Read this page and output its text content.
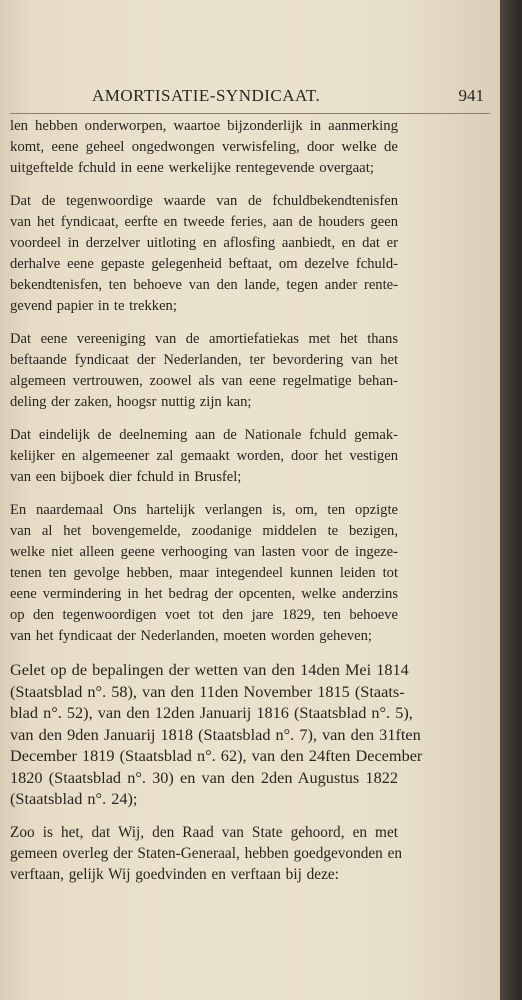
AMORTISATIE-SYNDICAAT.	941
len hebben onderworpen, waartoe bijzonderlijk in aanmerking
komt, eene geheel ongedwongen verwisfeling, door welke de
uitgeftelde fchuld in eene werkelijke rentegevende overgaat;
Dat de tegenwoordige waarde van de fchuldbekendtenisfen
van het fyndicaat, eerfte en tweede feries, aan de houders geen
voordeel in derzelver uitloting en aflosfing aanbiedt, en dat er
derhalve eene gepaste gelegenheid beftaat, om dezelve fchuld-
bekendtenisfen, ten behoeve van den lande, tegen ander rente-
gevend papier in te trekken;
Dat eene vereeniging van de amortiefatiekas met het thans
beftaande fyndicaat der Nederlanden, ter bevordering van het
algemeen vertrouwen, zoowel als van eene regelmatige behan-
deling der zaken, hoogsr nuttig zijn kan;
Dat eindelijk de deelneming aan de Nationale fchuld gemak-
kelijker en algemeener zal gemaakt worden, door het vestigen
van een bijboek dier fchuld in Brusfel;
En naardemaal Ons hartelijk verlangen is, om, ten opzigte
van al het bovengemelde, zoodanige middelen te bezigen,
welke niet alleen geene verhooging van lasten voor de ingeze-
tenen ten gevolge hebben, maar integendeel kunnen leiden tot
eene vermindering in het bedrag der opcenten, welke anderzins
op den tegenwoordigen voet tot den jare 1829, ten behoeve
van het fyndicaat der Nederlanden, moeten worden geheven;
Gelet op de bepalingen der wetten van den 14den Mei 1814
(Staatsblad n°. 58), van den 11den November 1815 (Staats-
blad n°. 52), van den 12den Januarij 1816 (Staatsblad n°. 5),
van den 9den Januarij 1818 (Staatsblad n°. 7), van den 31ften
December 1819 (Staatsblad n°. 62), van den 24ften December
1820 (Staatsblad n°. 30) en van den 2den Augustus 1822
(Staatsblad n°. 24);
Zoo is het, dat Wij, den Raad van State gehoord, en met
gemeen overleg der Staten-Generaal, hebben goedgevonden en
verftaan, gelijk Wij goedvinden en verftaan bij deze:
